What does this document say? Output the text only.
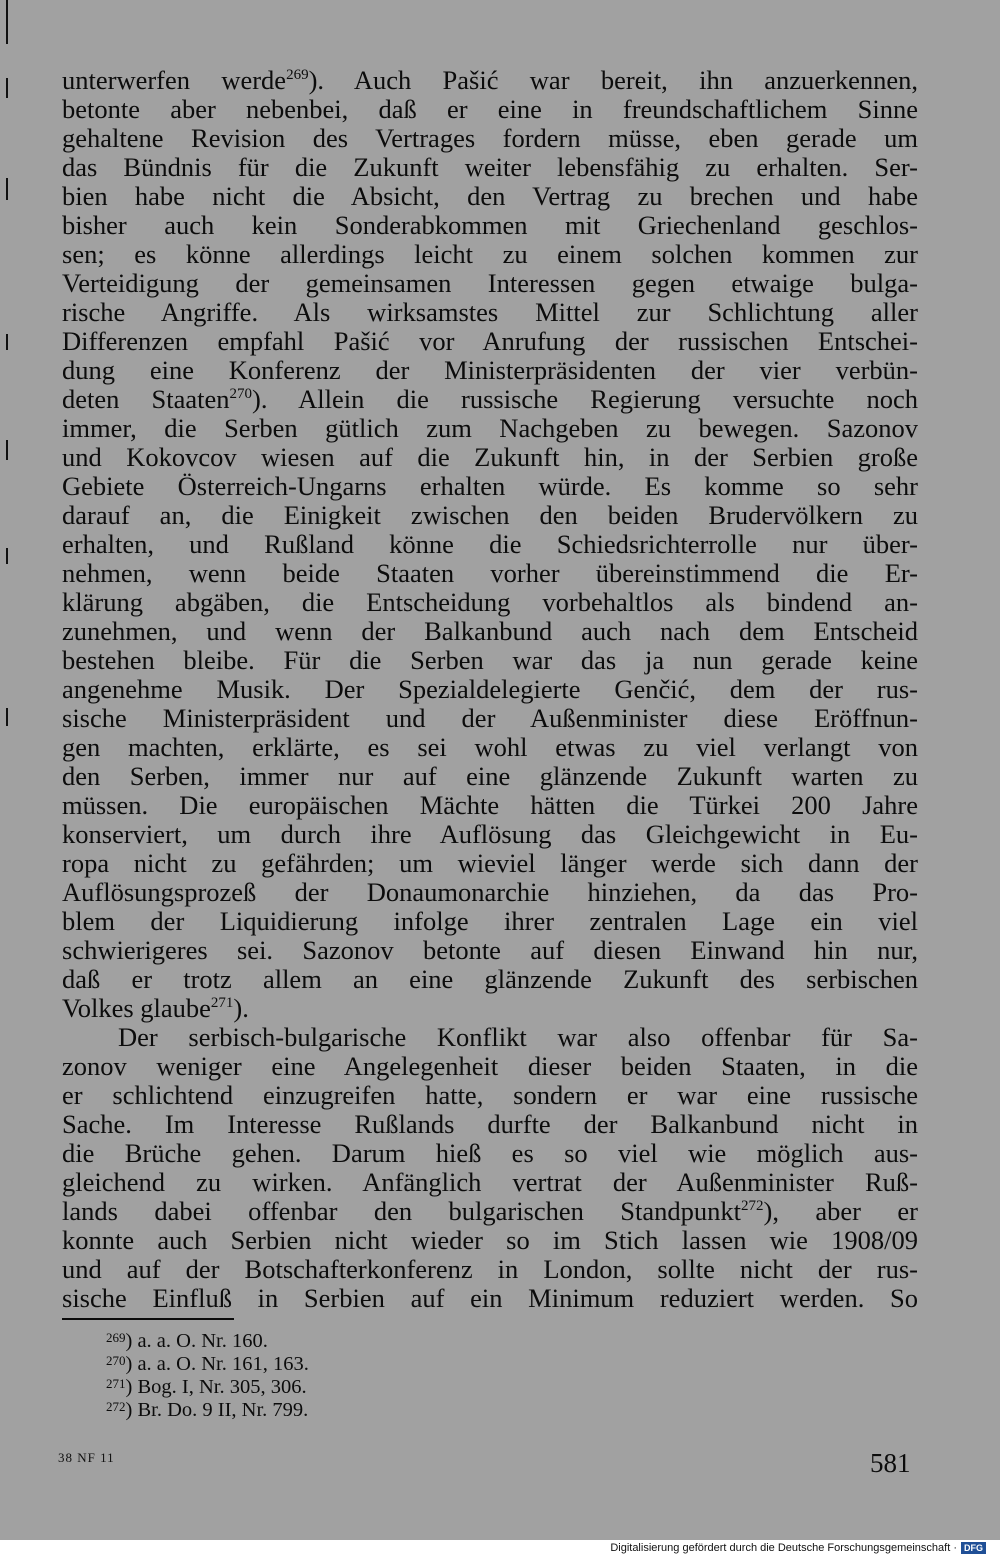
unterwerfen werde$^{269}$). Auch Pašić war bereit, ihn anzuerkennen,
betonte aber nebenbei, daß er eine in freundschaftlichem Sinne
gehaltene Revision des Vertrages fordern müsse, eben gerade um
das Bündnis für die Zukunft weiter lebensfähig zu erhalten. Ser-
bien habe nicht die Absicht, den Vertrag zu brechen und habe
bisher auch kein Sonderabkommen mit Griechenland geschlos-
sen; es könne allerdings leicht zu einem solchen kommen zur
Verteidigung der gemeinsamen Interessen gegen etwaige bulga-
rische Angriffe. Als wirksamstes Mittel zur Schlichtung aller
Differenzen empfahl Pašić vor Anrufung der russischen Entschei-
dung eine Konferenz der Ministerpräsidenten der vier verbün-
deten Staaten$^{270}$). Allein die russische Regierung versuchte noch
immer, die Serben gütlich zum Nachgeben zu bewegen. Sazonov
und Kokovcov wiesen auf die Zukunft hin, in der Serbien große
Gebiete Österreich-Ungarns erhalten würde. Es komme so sehr
darauf an, die Einigkeit zwischen den beiden Brudervölkern zu
erhalten, und Rußland könne die Schiedsrichterrolle nur über-
nehmen, wenn beide Staaten vorher übereinstimmend die Er-
klärung abgäben, die Entscheidung vorbehaltlos als bindend an-
zunehmen, und wenn der Balkanbund auch nach dem Entscheid
bestehen bleibe. Für die Serben war das ja nun gerade keine
angenehme Musik. Der Spezialdelegierte Genčić, dem der rus-
sische Ministerpräsident und der Außenminister diese Eröffnun-
gen machten, erklärte, es sei wohl etwas zu viel verlangt von
den Serben, immer nur auf eine glänzende Zukunft warten zu
müssen. Die europäischen Mächte hätten die Türkei 200 Jahre
konserviert, um durch ihre Auflösung das Gleichgewicht in Eu-
ropa nicht zu gefährden; um wieviel länger werde sich dann der
Auflösungsprozeß der Donaumonarchie hinziehen, da das Pro-
blem der Liquidierung infolge ihrer zentralen Lage ein viel
schwierigeres sei. Sazonov betonte auf diesen Einwand hin nur,
daß er trotz allem an eine glänzende Zukunft des serbischen
Volkes glaube$^{271}$).
Der serbisch-bulgarische Konflikt war also offenbar für Sa-
zonov weniger eine Angelegenheit dieser beiden Staaten, in die
er schlichtend einzugreifen hatte, sondern er war eine russische
Sache. Im Interesse Rußlands durfte der Balkanbund nicht in
die Brüche gehen. Darum hieß es so viel wie möglich aus-
gleichend zu wirken. Anfänglich vertrat der Außenminister Ruß-
lands dabei offenbar den bulgarischen Standpunkt$^{272}$), aber er
konnte auch Serbien nicht wieder so im Stich lassen wie 1908/09
und auf der Botschafterkonferenz in London, sollte nicht der rus-
sische Einfluß in Serbien auf ein Minimum reduziert werden. So
$^{269}$) a. a. O. Nr. 160.
$^{270}$) a. a. O. Nr. 161, 163.
$^{271}$) Bog. I, Nr. 305, 306.
$^{272}$) Br. Do. 9 II, Nr. 799.
38 NF 11	581
Digitalisierung gefördert durch die Deutsche Forschungsgemeinschaft · DFG
